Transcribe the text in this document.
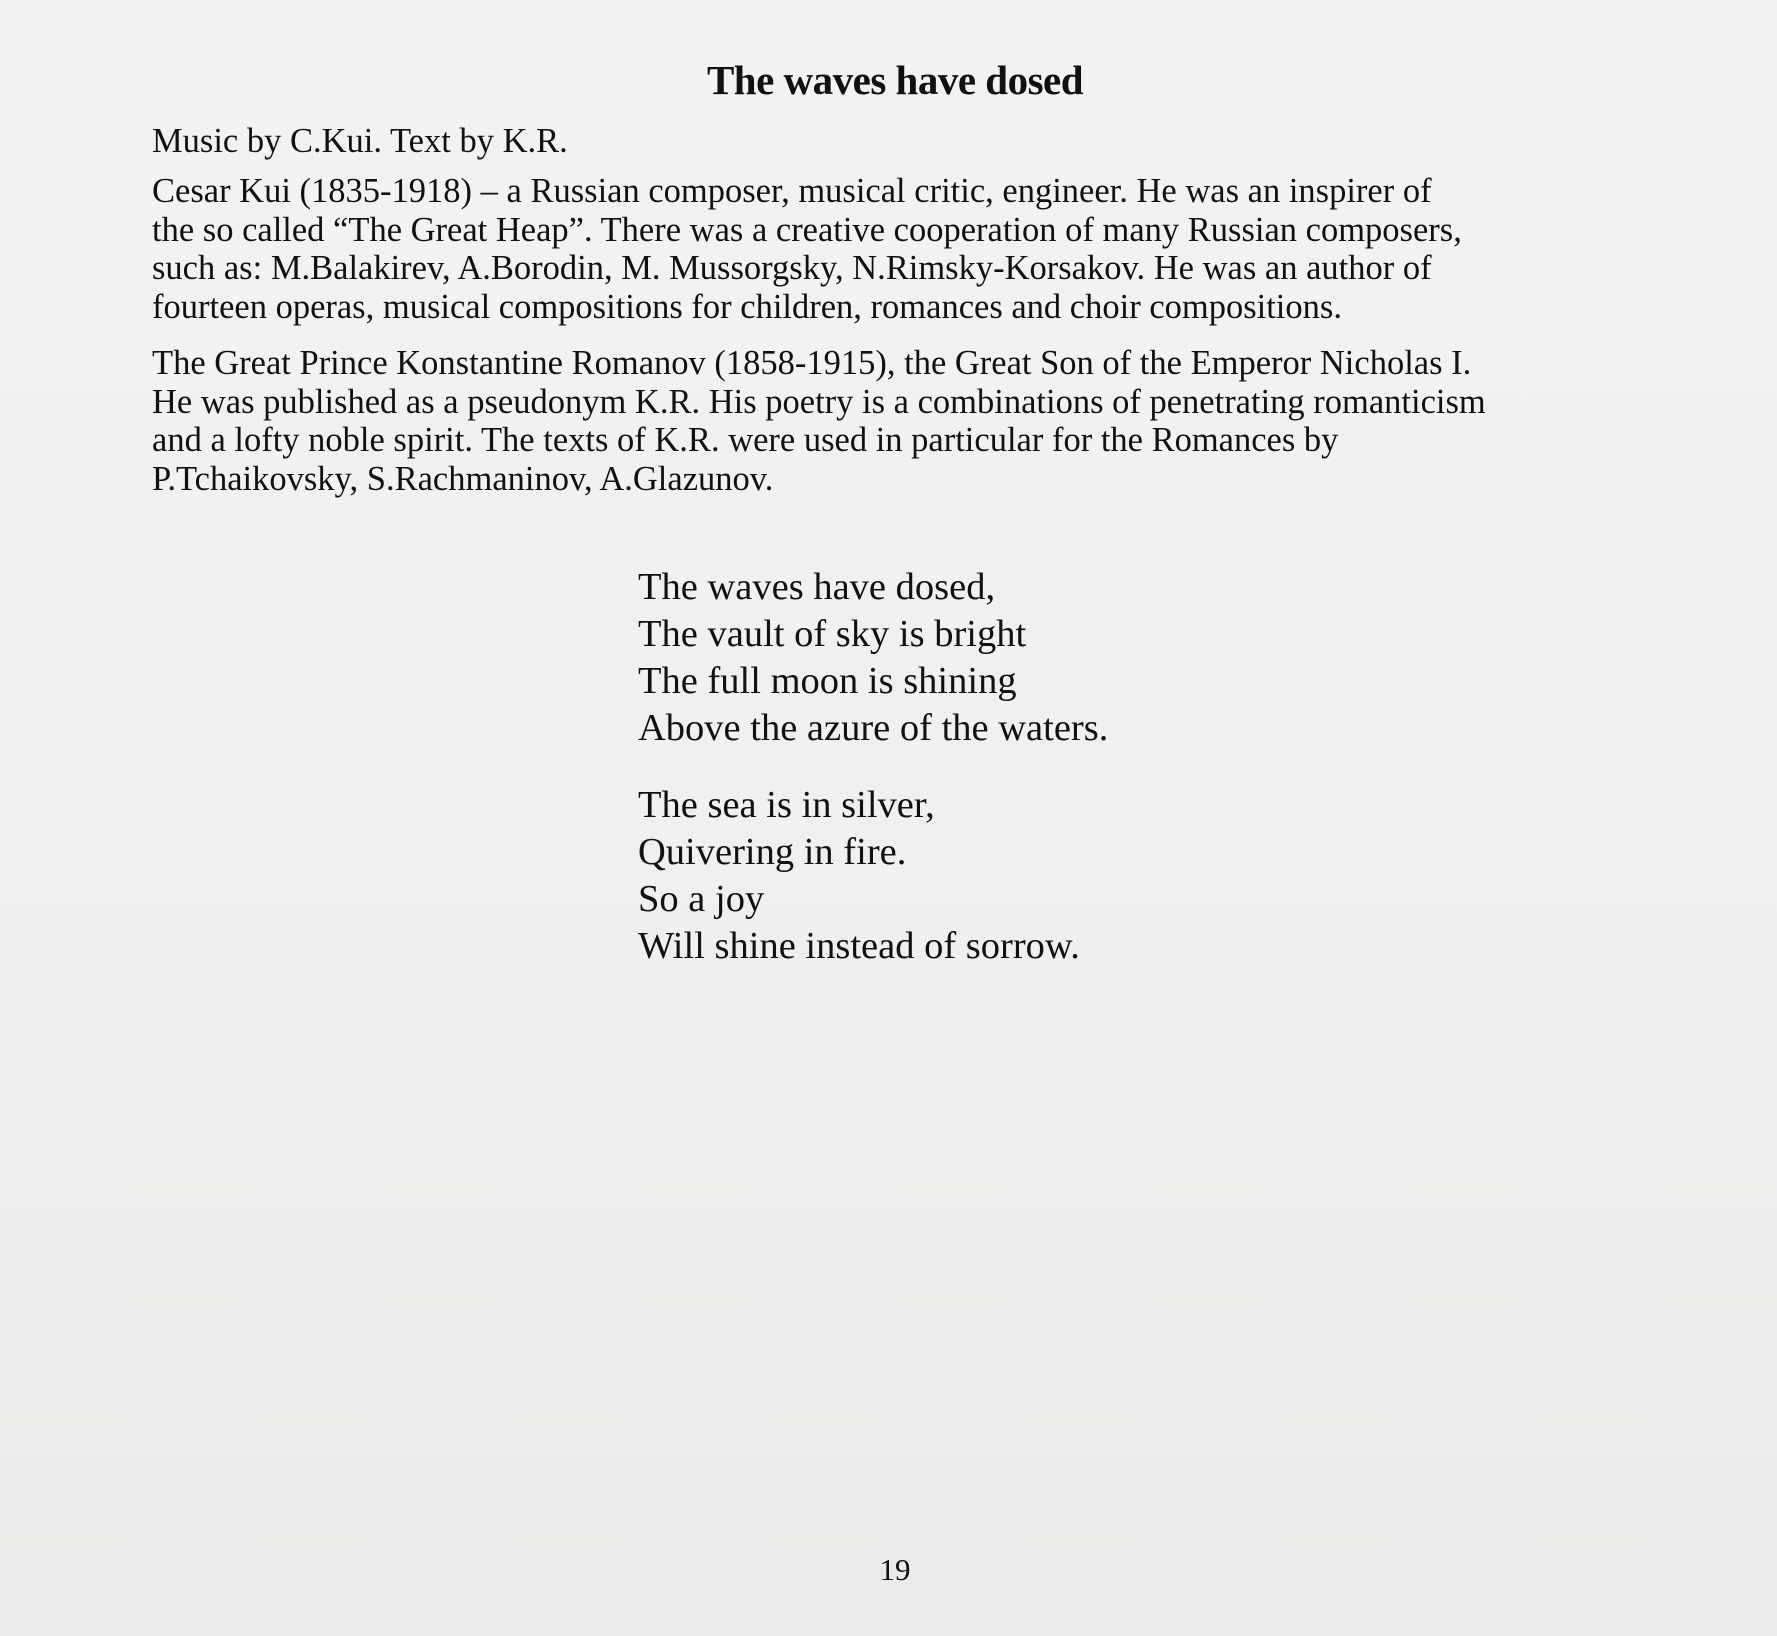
The waves have dosed
Music by C.Kui. Text by K.R.

Cesar Kui (1835-1918) – a Russian composer, musical critic, engineer. He was an inspirer of
the so called “The Great Heap”. There was a creative cooperation of many Russian composers,
such as: M.Balakirev, A.Borodin, M. Mussorgsky, N.Rimsky-Korsakov. He was an author of
fourteen operas, musical compositions for children, romances and choir compositions.

The Great Prince Konstantine Romanov (1858-1915), the Great Son of the Emperor Nicholas I.
He was published as a pseudonym K.R. His poetry is a combinations of penetrating romanticism
and a lofty noble spirit. The texts of K.R. were used in particular for the Romances by
P.Tchaikovsky, S.Rachmaninov, A.Glazunov.

The waves have dosed,
The vault of sky is bright
The full moon is shining
Above the azure of the waters.
The sea is in silver,
Quivering in fire.
So a joy
Will shine instead of sorrow.
19
